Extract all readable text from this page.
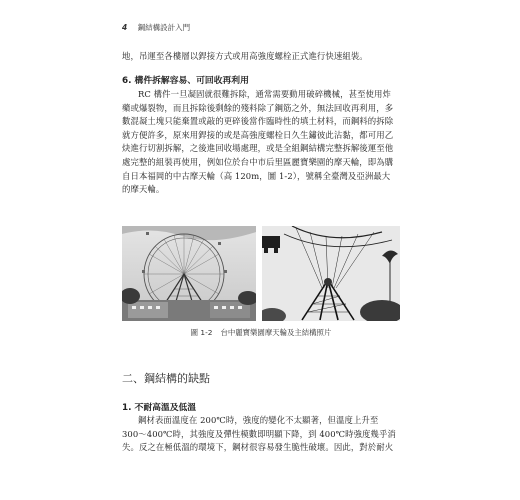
4 鋼結構設計入門
地，吊運至各樓層以銲接方式或用高強度螺栓正式進行快速組裝。
6. 構件拆解容易、可回收再利用
RC 構件一旦凝固就很難拆除，通常需要動用破碎機械，甚至使用炸
藥或爆裂物，而且拆除後剩餘的殘料除了鋼筋之外，無法回收再利用，多
數混凝土塊只能棄置或敲的更碎後當作臨時性的填土材料，而鋼料的拆除
就方便許多，原來用銲接的或是高強度螺栓日久生鏽彼此沾黏，都可用乙
炔進行切割拆解，之後進回收場處理，或是全組鋼結構完整拆解後運至他
處完整的組裝再使用，例如位於台中市后里區麗寶樂園的摩天輪，即為購
自日本福岡的中古摩天輪（高 120m，圖 1-2），號稱全臺灣及亞洲最大
的摩天輪。
圖 1-2 台中麗寶樂園摩天輪及主結構照片
二、鋼結構的缺點
1. 不耐高溫及低溫
鋼材表面溫度在 200℃時，強度的變化不太顯著，但溫度上升至
300～400℃時，其強度及彈性模數即明顯下降，到 400℃時強度幾乎消
失。反之在極低溫的環境下，鋼材很容易發生脆性破壞。因此，對於耐火
